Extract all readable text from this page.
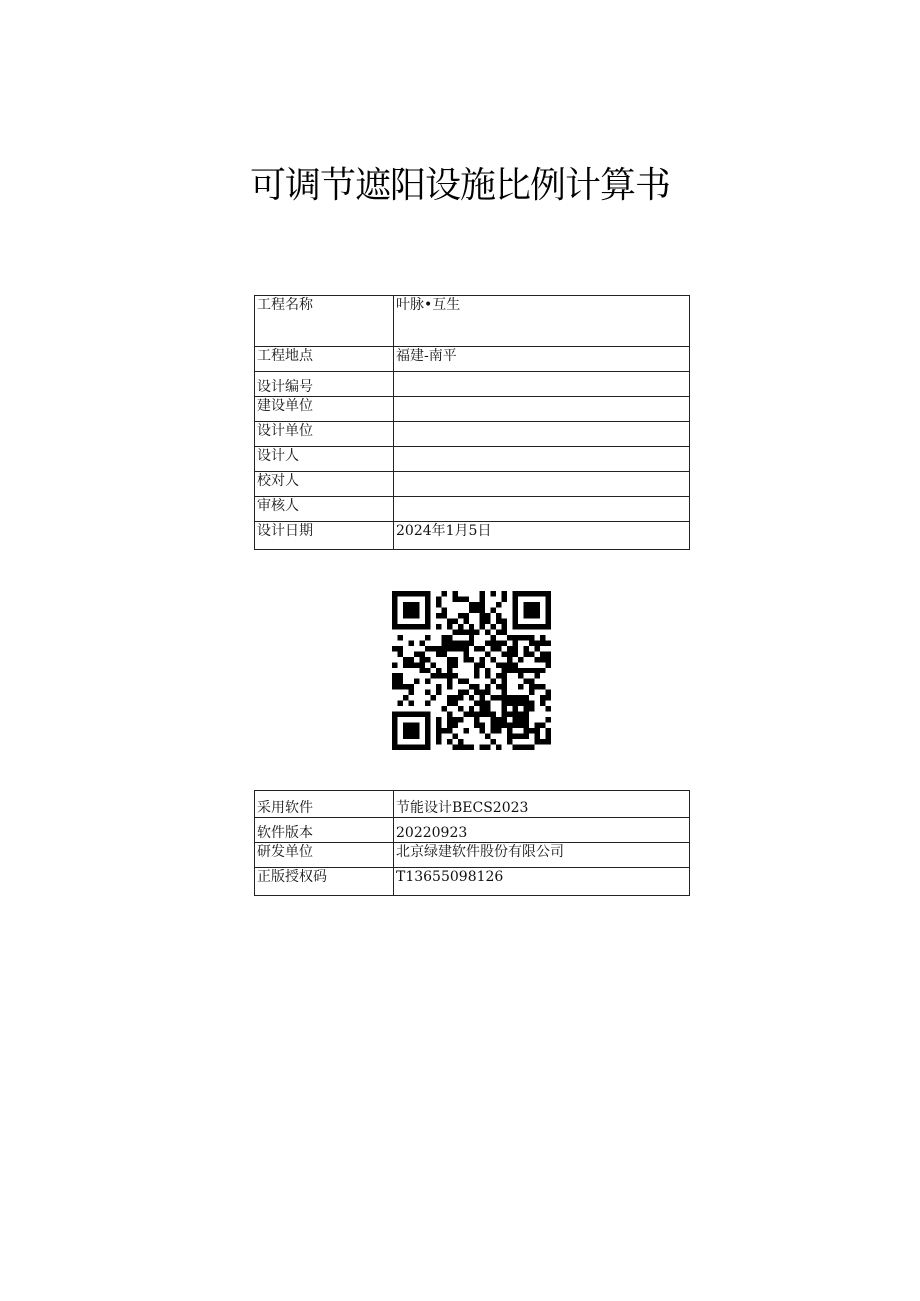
可调节遮阳设施比例计算书
工程名称	叶脉•互生
工程地点	福建-南平
设计编号	
建设单位	
设计单位	
设计人	
校对人	
审核人	
设计日期	2024年1月5日
采用软件	节能设计BECS2023
软件版本	20220923
研发单位	北京绿建软件股份有限公司
正版授权码	T13655098126
